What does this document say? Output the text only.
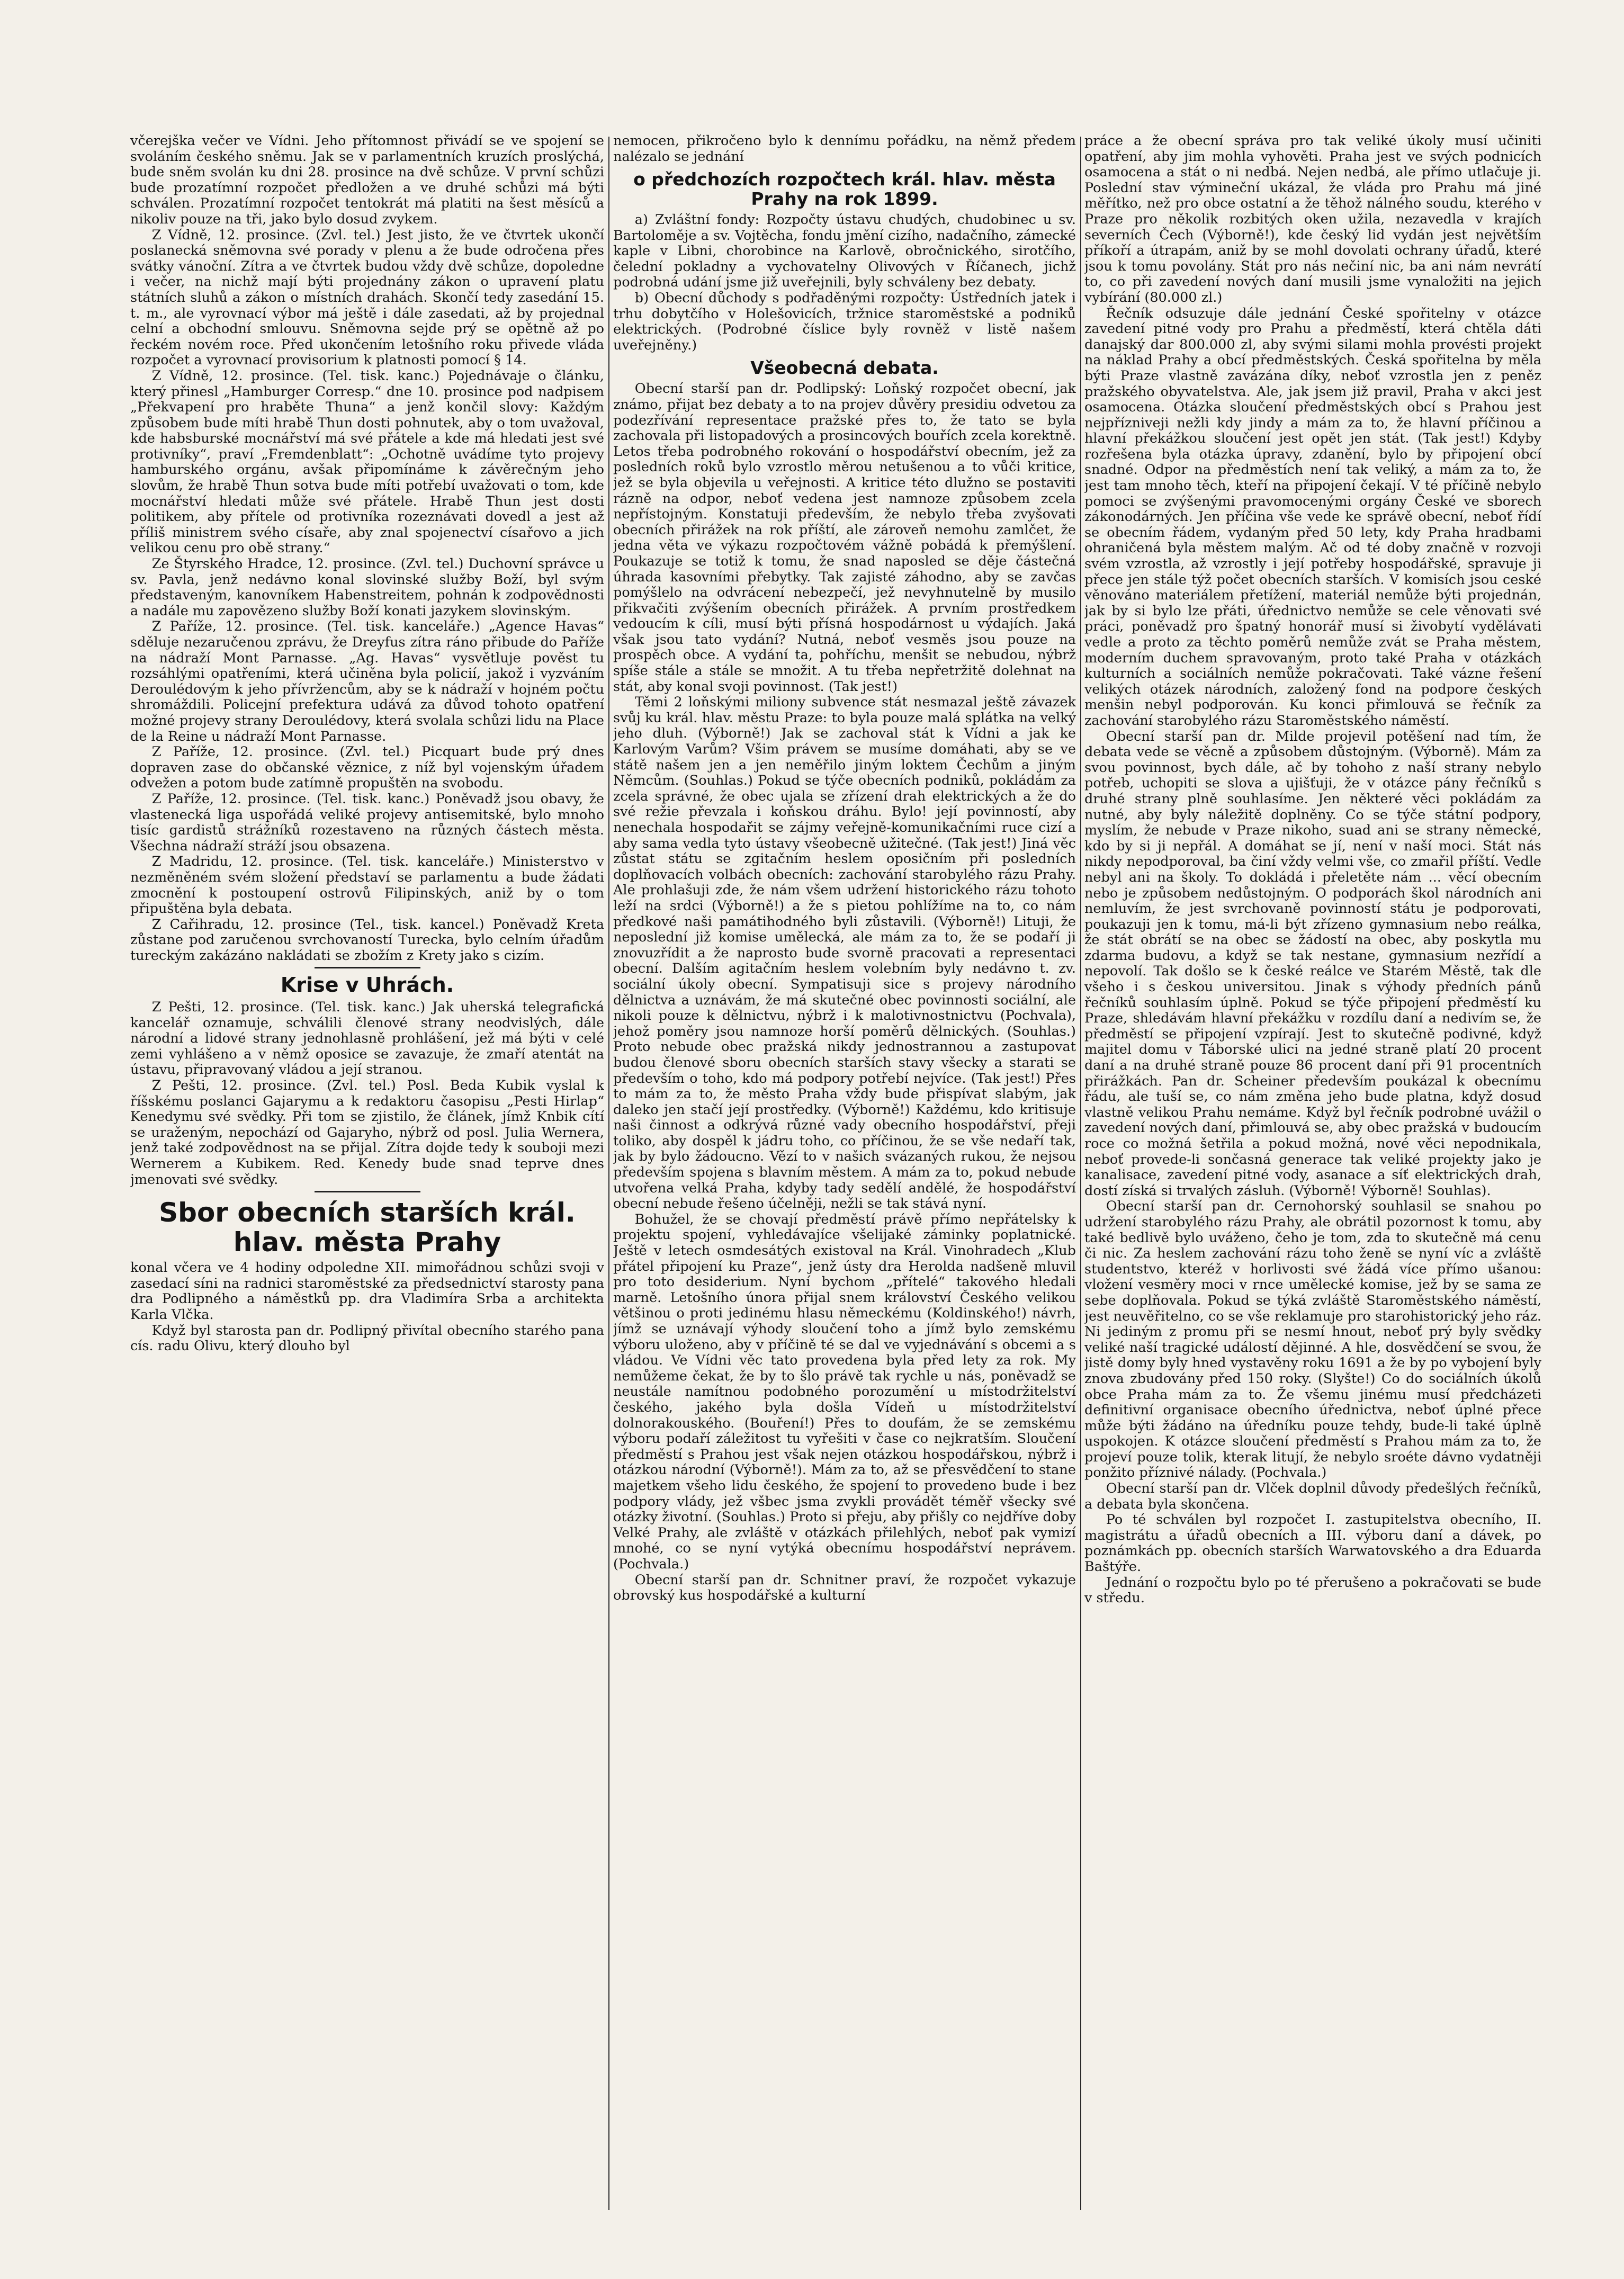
včerejška večer ve Vídni. Jeho přítomnost přivádí se ve spojení se svoláním českého sněmu. Jak se v parlamentních kruzích proslýchá, bude sněm svolán ku dni 28. prosince na dvě schůze. V první schůzi bude prozatímní rozpočet předložen a ve druhé schůzi má býti schválen. Prozatímní rozpočet tentokrát má platiti na šest měsíců a nikoliv pouze na tři, jako bylo dosud zvykem.

Z Vídně, 12. prosince. (Zvl. tel.) Jest jisto, že ve čtvrtek ukončí poslanecká sněmovna své porady v plenu a že bude odročena přes svátky vánoční. Zítra a ve čtvrtek budou vždy dvě schůze, dopoledne i večer, na nichž mají býti projednány zákon o upravení platu státních sluhů a zákon o místních drahách. Skončí tedy zasedání 15. t. m., ale vyrovnací výbor má ještě i dále zasedati, až by projednal celní a obchodní smlouvu. Sněmovna sejde prý se opětně až po řeckém novém roce. Před ukončením letošního roku přivede vláda rozpočet a vyrovnací provisorium k platnosti pomocí § 14.

Z Vídně, 12. prosince. (Tel. tisk. kanc.) Pojednávaje o článku, který přinesl „Hamburger Corresp.“ dne 10. prosince pod nadpisem „Překvapení pro hraběte Thuna“ a jenž končil slovy: Každým způsobem bude míti hrabě Thun dosti pohnutek, aby o tom uvažoval, kde habsburské mocnářství má své přátele a kde má hledati jest své protivníky“, praví „Fremdenblatt“: „Ochotně uvádíme tyto projevy hamburského orgánu, avšak připomínáme k závěrečným jeho slovům, že hrabě Thun sotva bude míti potřebí uvažovati o tom, kde mocnářství hledati může své přátele. Hrabě Thun jest dosti politikem, aby přítele od protivníka rozeznávati dovedl a jest až příliš ministrem svého císaře, aby znal spojenectví císařovo a jich velikou cenu pro obě strany.“

Ze Štyrského Hradce, 12. prosince. (Zvl. tel.) Duchovní správce u sv. Pavla, jenž nedávno konal slovinské služby Boží, byl svým představeným, kanovníkem Habenstreitem, pohnán k zodpovědnosti a nadále mu zapovězeno služby Boží konati jazykem slovinským.

Z Paříže, 12. prosince. (Tel. tisk. kanceláře.) „Agence Havas“ sděluje nezaručenou zprávu, že Dreyfus zítra ráno přibude do Paříže na nádraží Mont Parnasse. „Ag. Havas“ vysvětluje pověst tu rozsáhlými opatřeními, která učiněna byla policií, jakož i vyzváním Deroulédovým k jeho přívržencům, aby se k nádraží v hojném počtu shromáždili. Policejní prefektura udává za důvod tohoto opatření možné projevy strany Deroulédovy, která svolala schůzi lidu na Place de la Reine u nádraží Mont Parnasse.

Z Paříže, 12. prosince. (Zvl. tel.) Picquart bude prý dnes dopraven zase do občanské věznice, z níž byl vojenským úřadem odvežen a potom bude zatímně propuštěn na svobodu.

Z Paříže, 12. prosince. (Tel. tisk. kanc.) Poněvadž jsou obavy, že vlastenecká liga uspořádá veliké projevy antisemitské, bylo mnoho tisíc gardistů strážníků rozestaveno na různých částech města. Všechna nádraží stráží jsou obsazena.

Z Madridu, 12. prosince. (Tel. tisk. kanceláře.) Ministerstvo v nezměněném svém složení představí se parlamentu a bude žádati zmocnění k postoupení ostrovů Filipinských, aniž by o tom připuštěna byla debata.

Z Cařihradu, 12. prosince (Tel., tisk. kancel.) Poněvadž Kreta zůstane pod zaručenou svrchovaností Turecka, bylo celním úřadům tureckým zakázáno nakládati se zbožím z Krety jako s cizím.

Krise v Uhrách.

Z Pešti, 12. prosince. (Tel. tisk. kanc.) Jak uherská telegrafická kancelář oznamuje, schválili členové strany neodvislých, dále národní a lidové strany jednohlasně prohlášení, jež má býti v celé zemi vyhlášeno a v němž oposice se zavazuje, že zmaří atentát na ústavu, připravovaný vládou a její stranou.

Z Pešti, 12. prosince. (Zvl. tel.) Posl. Beda Kubik vyslal k říšskému poslanci Gajarymu a k redaktoru časopisu „Pesti Hirlap“ Kenedymu své svědky. Při tom se zjistilo, že článek, jímž Knbik cítí se uraženým, nepochází od Gajaryho, nýbrž od posl. Julia Wernera, jenž také zodpovědnost na se přijal. Zítra dojde tedy k souboji mezi Wernerem a Kubikem. Red. Kenedy bude snad teprve dnes jmenovati své svědky.

Sbor obecních starších král. hlav. města Prahy

konal včera ve 4 hodiny odpoledne XII. mimořádnou schůzi svoji v zasedací síni na radnici staroměstské za předsednictví starosty pana dra Podlipného a náměstků pp. dra Vladimíra Srba a architekta Karla Vlčka.

Když byl starosta pan dr. Podlipný přivítal obecního starého pana cís. radu Olivu, který dlouho byl

nemocen, přikročeno bylo k dennímu pořádku, na němž předem nalézalo se jednání

o předchozích rozpočtech král. hlav. města Prahy na rok 1899.

a) Zvláštní fondy: Rozpočty ústavu chudých, chudobinec u sv. Bartoloměje a sv. Vojtěcha, fondu jmění cizího, nadačního, zámecké kaple v Libni, chorobince na Karlově, obročnického, sirotčího, čelední pokladny a vychovatelny Olivových v Říčanech, jichž podrobná udání jsme již uveřejnili, byly schváleny bez debaty.

b) Obecní důchody s podřaděnými rozpočty: Ústředních jatek i trhu dobytčího v Holešovicích, tržnice staroměstské a podniků elektrických. (Podrobné číslice byly rovněž v listě našem uveřejněny.)

Všeobecná debata.

Obecní starší pan dr. Podlipský: Loňský rozpočet obecní, jak známo, přijat bez debaty a to na projev důvěry presidiu odvetou za podezřívání representace pražské přes to, že tato se byla zachovala při listopadových a prosincových bouřích zcela korektně. Letos třeba podrobného rokování o hospodářství obecním, jež za posledních roků bylo vzrostlo měrou netušenou a to vůči kritice, jež se byla objevila u veřejnosti. A kritice této dlužno se postaviti rázně na odpor, neboť vedena jest namnoze způsobem zcela nepřístojným. Konstatuji především, že nebylo třeba zvyšovati obecních přirážek na rok příští, ale zároveň nemohu zamlčet, že jedna věta ve výkazu rozpočtovém vážně pobádá k přemýšlení. Poukazuje se totiž k tomu, že snad naposled se děje částečná úhrada kasovními přebytky. Tak zajisté záhodno, aby se zavčas pomýšlelo na odvrácení nebezpečí, jež nevyhnutelně by musilo přikvačiti zvýšením obecních přirážek. A prvním prostředkem vedoucím k cíli, musí býti přísná hospodárnost u výdajích. Jaká však jsou tato vydání? Nutná, neboť vesměs jsou pouze na prospěch obce. A vydání ta, pohříchu, menšit se nebudou, nýbrž spíše stále a stále se množit. A tu třeba nepřetržitě dolehnat na stát, aby konal svoji povinnost. (Tak jest!)

Těmi 2 loňskými miliony subvence stát nesmazal ještě závazek svůj ku král. hlav. městu Praze: to byla pouze malá splátka na velký jeho dluh. (Výborně!) Jak se zachoval stát k Vídni a jak ke Karlovým Varům? Všim právem se musíme domáhati, aby se ve státě našem jen a jen neměřilo jiným loktem Čechům a jiným Němcům. (Souhlas.) Pokud se týče obecních podniků, pokládám za zcela správné, že obec ujala se zřízení drah elektrických a že do své režie převzala i koňskou dráhu. Bylo! její povinností, aby nenechala hospodařit se zájmy veřejně-komunikačními ruce cizí a aby sama vedla tyto ústavy všeobecně užitečné. (Tak jest!) Jiná věc zůstat státu se zgitačním heslem oposičním při posledních doplňovacích volbách obecních: zachování starobylého rázu Prahy. Ale prohlašuji zde, že nám všem udržení historického rázu tohoto leží na srdci (Výborně!) a že s pietou pohlížíme na to, co nám předkové naši památihodného byli zůstavili. (Výborně!) Lituji, že neposlední již komise umělecká, ale mám za to, že se podaří ji znovuzřídit a že naprosto bude svorně pracovati a representaci obecní. Dalším agitačním heslem volebním byly nedávno t. zv. sociální úkoly obecní. Sympatisuji sice s projevy národního dělnictva a uznávám, že má skutečné obec povinnosti sociální, ale nikoli pouze k dělnictvu, nýbrž i k malotivnostnictvu (Pochvala), jehož poměry jsou namnoze horší poměrů dělnických. (Souhlas.) Proto nebude obec pražská nikdy jednostrannou a zastupovat budou členové sboru obecních starších stavy všecky a starati se především o toho, kdo má podpory potřebí nejvíce. (Tak jest!) Přes to mám za to, že město Praha vždy bude přispívat slabým, jak daleko jen stačí její prostředky. (Výborně!) Každému, kdo kritisuje naši činnost a odkrývá různé vady obecního hospodářství, přeji toliko, aby dospěl k jádru toho, co příčinou, že se vše nedaří tak, jak by bylo žádoucno. Vězí to v našich svázaných rukou, že nejsou především spojena s blavním městem. A mám za to, pokud nebude utvořena velká Praha, kdyby tady sedělí andělé, že hospodářství obecní nebude řešeno účelněji, nežli se tak stává nyní.

Bohužel, že se chovají předměstí právě přímo nepřátelsky k projektu spojení, vyhledávajíce všelijaké záminky poplatnické. Ještě v letech osmdesátých existoval na Král. Vinohradech „Klub přátel připojení ku Praze“, jenž ústy dra Herolda nadšeně mluvil pro toto desiderium. Nyní bychom „přítelé“ takového hledali marně. Letošního února přijal snem království Českého velikou většinou o proti jedinému hlasu německému (Koldinského!) návrh, jímž se uznávají výhody sloučení toho a jímž bylo zemskému výboru uloženo, aby v příčině té se dal ve vyjednávání s obcemi a s vládou. Ve Vídni věc tato provedena byla před lety za rok. My nemůžeme čekat, že by to šlo právě tak rychle u nás, poněvadž se neustále namítnou podobného porozumění u místodržitelství českého, jakého byla došla Vídeň u místodržitelství dolnorakouského. (Bouření!) Přes to doufám, že se zemskému výboru podaří záležitost tu vyřešiti v čase co nejkratším. Sloučení předměstí s Prahou jest však nejen otázkou hospodářskou, nýbrž i otázkou národní (Výborně!). Mám za to, až se přesvědčení to stane majetkem všeho lidu českého, že spojení to provedeno bude i bez podpory vlády, jež všbec jsma zvykli provádět téměř všecky své otázky životní. (Souhlas.) Proto si přeju, aby přišly co nejdříve doby Velké Prahy, ale zvláště v otázkách přilehlých, neboť pak vymizí mnohé, co se nyní vytýká obecnímu hospodářství neprávem. (Pochvala.)

Obecní starší pan dr. Schnitner praví, že rozpočet vykazuje obrovský kus hospodářské a kulturní

práce a že obecní správa pro tak veliké úkoly musí učiniti opatření, aby jim mohla vyhověti. Praha jest ve svých podnicích osamocena a stát o ni nedbá. Nejen nedbá, ale přímo utlačuje ji. Poslední stav výmineční ukázal, že vláda pro Prahu má jiné měřítko, než pro obce ostatní a že těhož nálného soudu, kterého v Praze pro několik rozbitých oken užila, nezavedla v krajích severních Čech (Výborně!), kde český lid vydán jest největším příkoří a útrapám, aniž by se mohl dovolati ochrany úřadů, které jsou k tomu povolány. Stát pro nás nečiní nic, ba ani nám nevrátí to, co při zavedení nových daní musili jsme vynaložiti na jejich vybírání (80.000 zl.)

Řečník odsuzuje dále jednání České spořitelny v otázce zavedení pitné vody pro Prahu a předměstí, která chtěla dáti danajský dar 800.000 zl, aby svými silami mohla provésti projekt na náklad Prahy a obcí předměstských. Česká spořitelna by měla býti Praze vlastně zavázána díky, neboť vzrostla jen z peněz pražského obyvatelstva. Ale, jak jsem již pravil, Praha v akci jest osamocena. Otázka sloučení předměstských obcí s Prahou jest nejpřízniveji nežli kdy jindy a mám za to, že hlavní příčinou a hlavní překážkou sloučení jest opět jen stát. (Tak jest!) Kdyby rozřešena byla otázka úpravy, zdanění, bylo by připojení obcí snadné. Odpor na předměstích není tak veliký, a mám za to, že jest tam mnoho těch, kteří na připojení čekají. V té příčině nebylo pomoci se zvýšenými pravomocenými orgány České ve sborech zákonodárných. Jen příčina vše vede ke správě obecní, neboť řídí se obecním řádem, vydaným před 50 lety, kdy Praha hradbami ohraničená byla městem malým. Ač od té doby značně v rozvoji svém vzrostla, až vzrostly i její potřeby hospodářské, spravuje ji přece jen stále týž počet obecních starších. V komisích jsou ceské věnováno materiálem přetížení, materiál nemůže býti projednán, jak by si bylo lze přáti, úřednictvo nemůže se cele věnovati své práci, poněvadž pro špatný honorář musí si živobytí vydělávati vedle a proto za těchto poměrů nemůže zvát se Praha městem, moderním duchem spravovaným, proto také Praha v otázkách kulturních a sociálních nemůže pokračovati. Také vázne řešení velikých otázek národních, založený fond na podpore českých menšin nebyl podporován. Ku konci přimlouvá se řečník za zachování starobylého rázu Staroměstského náměstí.

Obecní starší pan dr. Milde projevil potěšení nad tím, že debata vede se věcně a způsobem důstojným. (Výborně). Mám za svou povinnost, bych dále, ač by tohoho z naší strany nebylo potřeb, uchopiti se slova a ujišťuji, že v otázce pány řečníků s druhé strany plně souhlasíme. Jen některé věci pokládám za nutné, aby byly náležitě doplněny. Co se týče státní podpory, myslím, že nebude v Praze nikoho, suad ani se strany německé, kdo by si ji nepřál. A domáhat se jí, není v naší moci. Stát nás nikdy nepodporoval, ba činí vždy velmi vše, co zmařil příští. Vedle nebyl ani na školy. To dokládá i přeletěte nám ... věcí obecním nebo je způsobem nedůstojným. O podporách škol národních ani nemluvím, že jest svrchovaně povinností státu je podporovati, poukazuji jen k tomu, má-li být zřízeno gymnasium nebo reálka, že stát obrátí se na obec se žádostí na obec, aby poskytla mu zdarma budovu, a když se tak nestane, gymnasium nezřídí a nepovolí. Tak došlo se k české reálce ve Starém Městě, tak dle všeho i s českou universitou. Jinak s výhody předních pánů řečníků souhlasím úplně. Pokud se týče připojení předměstí ku Praze, shledávám hlavní překážku v rozdílu daní a nedivím se, že předměstí se připojení vzpírají. Jest to skutečně podivné, když majitel domu v Táborské ulici na jedné straně platí 20 procent daní a na druhé straně pouze 86 procent daní při 91 procentních přirážkách. Pan dr. Scheiner především poukázal k obecnímu řádu, ale tuší se, co nám změna jeho bude platna, když dosud vlastně velikou Prahu nemáme. Když byl řečník podrobné uvážil o zavedení nových daní, přimlouvá se, aby obec pražská v budoucím roce co možná šetřila a pokud možná, nové věci nepodnikala, neboť provede-li sončasná generace tak veliké projekty jako je kanalisace, zavedení pitné vody, asanace a síť elektrických drah, dostí získá si trvalých zásluh. (Výborně! Výborně! Souhlas).

Obecní starší pan dr. Cernohorský souhlasil se snahou po udržení starobylého rázu Prahy, ale obrátil pozornost k tomu, aby také bedlivě bylo uváženo, čeho je tom, zda to skutečně má cenu či nic. Za heslem zachování rázu toho ženě se nyní víc a zvláště studentstvo, kteréž v horlivosti své žádá více přímo ušanou: vložení vesměry moci v rnce umělecké komise, jež by se sama ze sebe doplňovala. Pokud se týká zvláště Staroměstského náměstí, jest neuvěřitelno, co se vše reklamuje pro starohistorický jeho ráz. Ni jediným z promu při se nesmí hnout, neboť prý byly svědky veliké naší tragické událostí dějinné. A hle, dosvědčení se svou, že jistě domy byly hned vystavěny roku 1691 a že by po vybojení byly znova zbudovány před 150 roky. (Slyšte!) Co do sociálních úkolů obce Praha mám za to. Že všemu jinému musí předcházeti definitivní organisace obecního úřednictva, neboť úplné přece může býti žádáno na úředníku pouze tehdy, bude-li také úplně uspokojen. K otázce sloučení předměstí s Prahou mám za to, že projeví pouze tolik, kterak litují, že nebylo sroéte dávno vydatněji ponžito příznivé nálady. (Pochvala.)

Obecní starší pan dr. Vlček doplnil důvody předešlých řečníků, a debata byla skončena.

Po té schválen byl rozpočet I. zastupitelstva obecního, II. magistrátu a úřadů obecních a III. výboru daní a dávek, po poznámkách pp. obecních starších Warwatovského a dra Eduarda Baštýře.

Jednání o rozpočtu bylo po té přerušeno a pokračovati se bude v středu.
